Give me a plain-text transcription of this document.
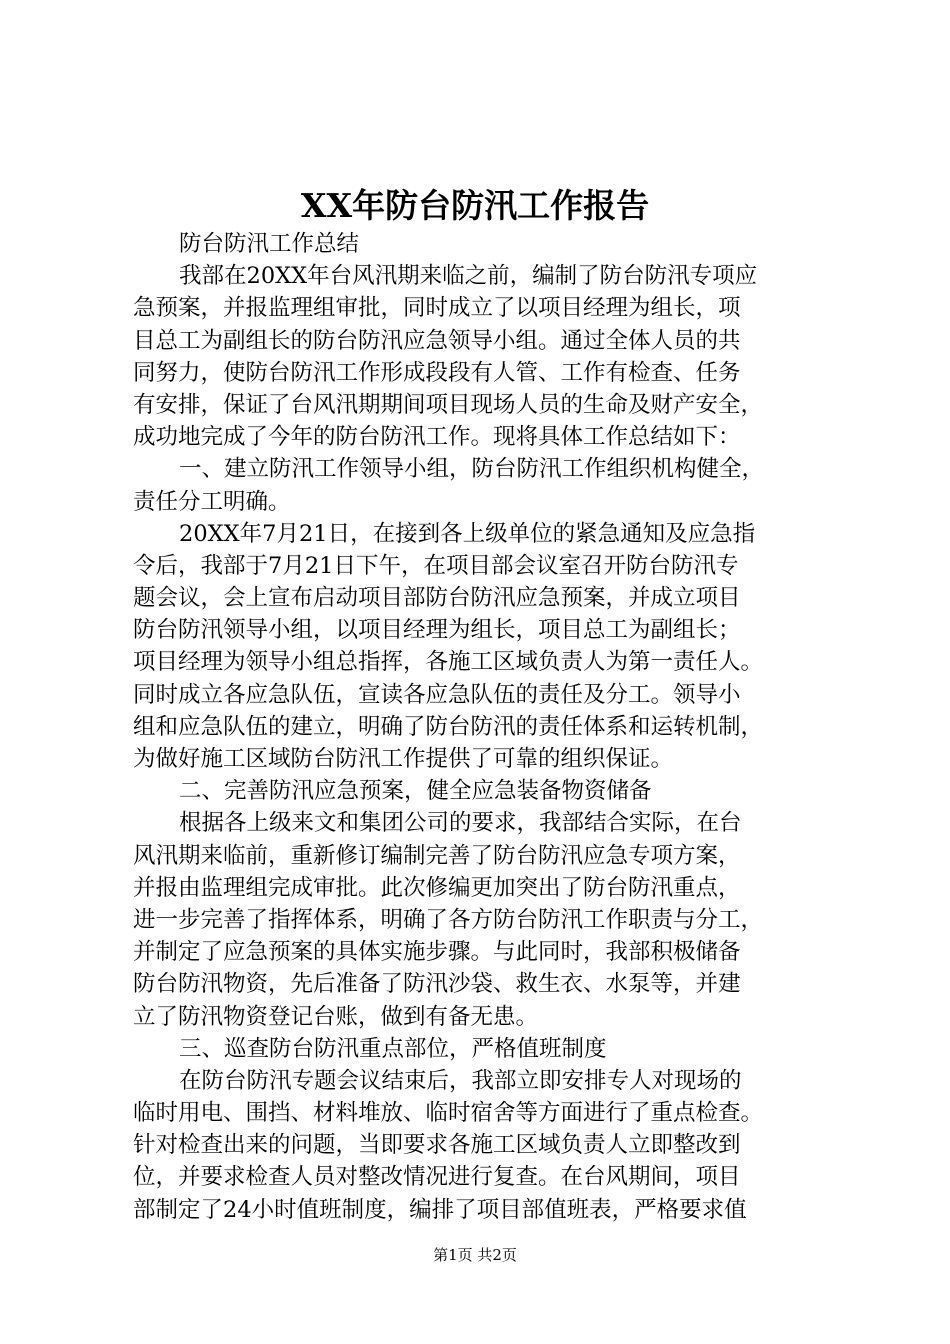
XX年防台防汛工作报告
防台防汛工作总结
我部在20XX年台风汛期来临之前，编制了防台防汛专项应
急预案，并报监理组审批，同时成立了以项目经理为组长，项
目总工为副组长的防台防汛应急领导小组。通过全体人员的共
同努力，使防台防汛工作形成段段有人管、工作有检查、任务
有安排，保证了台风汛期期间项目现场人员的生命及财产安全，
成功地完成了今年的防台防汛工作。现将具体工作总结如下：
一、建立防汛工作领导小组，防台防汛工作组织机构健全，
责任分工明确。
20XX年7月21日，在接到各上级单位的紧急通知及应急指
令后，我部于7月21日下午，在项目部会议室召开防台防汛专
题会议，会上宣布启动项目部防台防汛应急预案，并成立项目
防台防汛领导小组，以项目经理为组长，项目总工为副组长；
项目经理为领导小组总指挥，各施工区域负责人为第一责任人。
同时成立各应急队伍，宣读各应急队伍的责任及分工。领导小
组和应急队伍的建立，明确了防台防汛的责任体系和运转机制，
为做好施工区域防台防汛工作提供了可靠的组织保证。
二、完善防汛应急预案，健全应急装备物资储备
根据各上级来文和集团公司的要求，我部结合实际，在台
风汛期来临前，重新修订编制完善了防台防汛应急专项方案，
并报由监理组完成审批。此次修编更加突出了防台防汛重点，
进一步完善了指挥体系，明确了各方防台防汛工作职责与分工，
并制定了应急预案的具体实施步骤。与此同时，我部积极储备
防台防汛物资，先后准备了防汛沙袋、救生衣、水泵等，并建
立了防汛物资登记台账，做到有备无患。
三、巡查防台防汛重点部位，严格值班制度
在防台防汛专题会议结束后，我部立即安排专人对现场的
临时用电、围挡、材料堆放、临时宿舍等方面进行了重点检查。
针对检查出来的问题，当即要求各施工区域负责人立即整改到
位，并要求检查人员对整改情况进行复查。在台风期间，项目
部制定了24小时值班制度，编排了项目部值班表，严格要求值
第1页 共2页
